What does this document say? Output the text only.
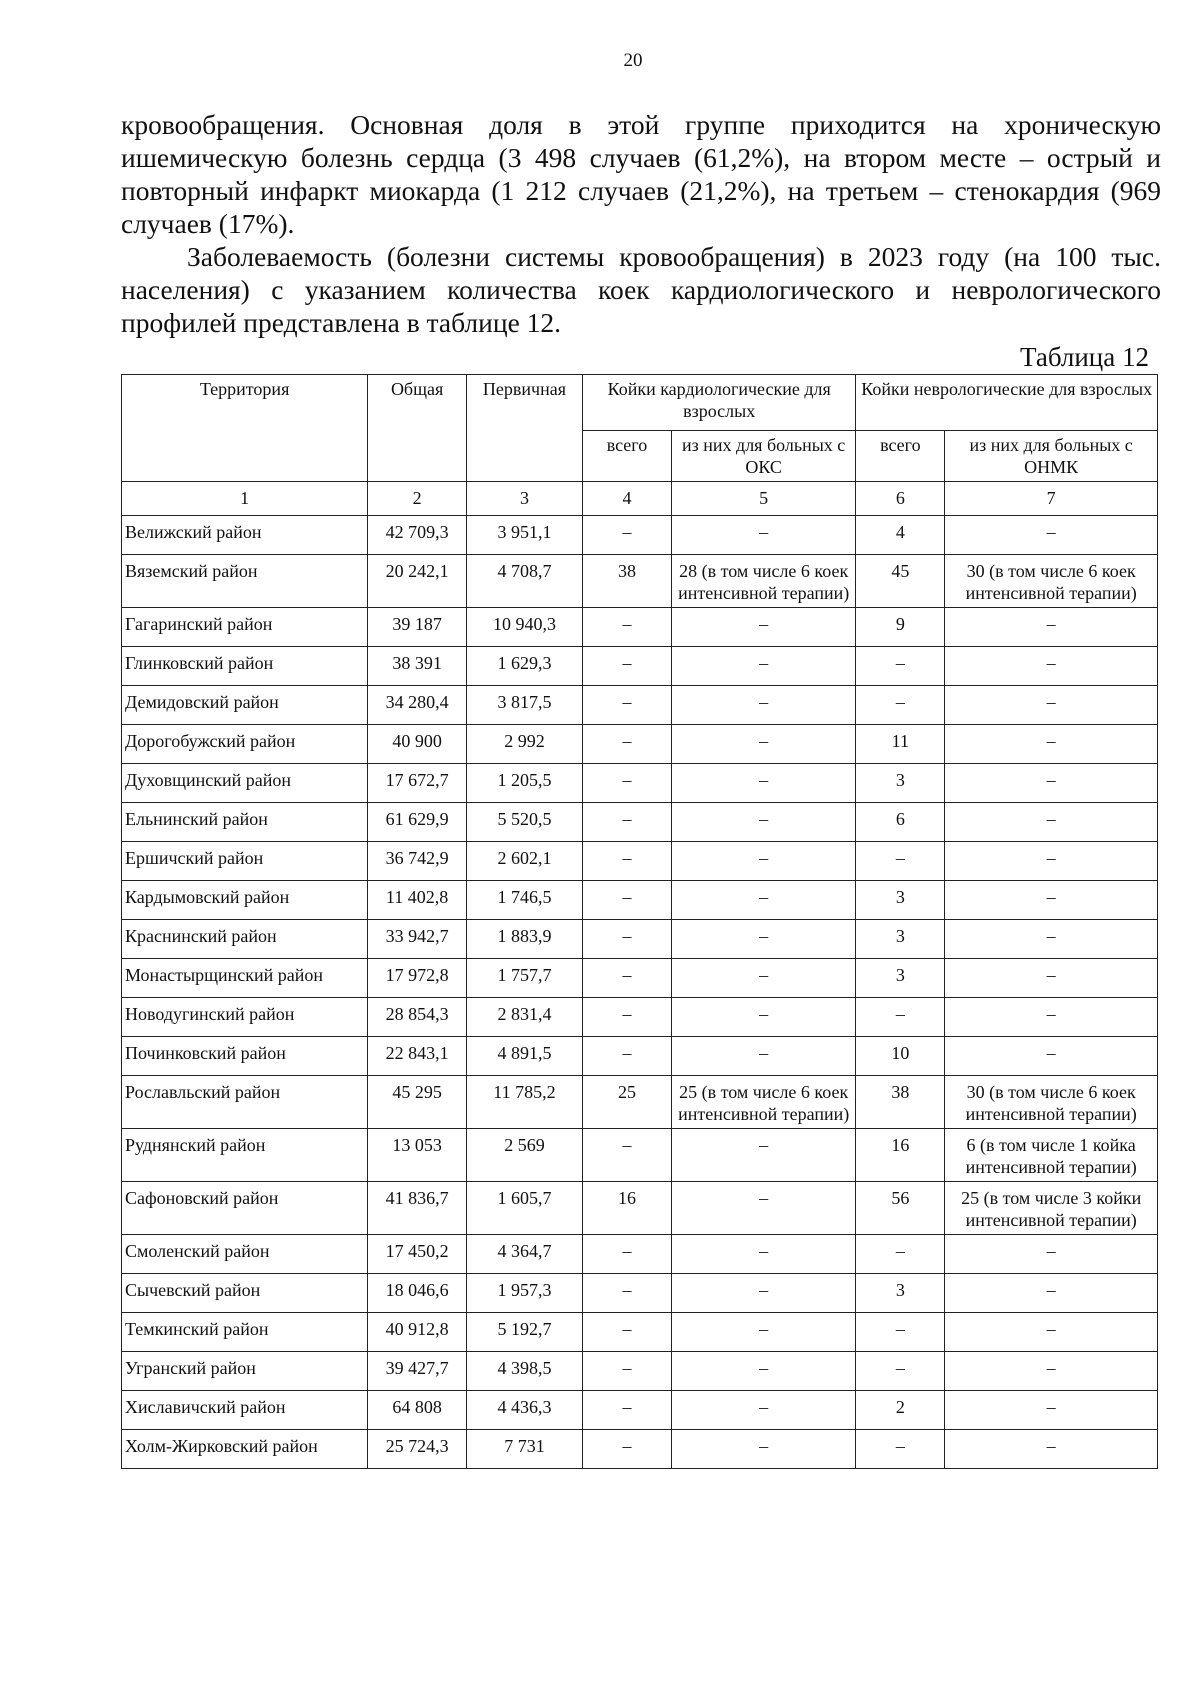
20

кровообращения. Основная доля в этой группе приходится на хроническую ишемическую болезнь сердца (3 498 случаев (61,2%), на втором месте – острый и повторный инфаркт миокарда (1 212 случаев (21,2%), на третьем – стенокардия (969 случаев (17%).

Заболеваемость (болезни системы кровообращения) в 2023 году (на 100 тыс. населения) с указанием количества коек кардиологического и неврологического профилей представлена в таблице 12.

Таблица 12
Территория	Общая	Первичная	Койки кардиологические для взрослых		Койки неврологические для взрослых	
			всего	из них для больных с ОКС	всего	из них для больных с ОНМК
1	2	3	4	5	6	7
Велижский район	42 709,3	3 951,1	–	–	4	–
Вяземский район	20 242,1	4 708,7	38	28 (в том числе 6 коек интенсивной терапии)	45	30 (в том числе 6 коек интенсивной терапии)
Гагаринский район	39 187	10 940,3	–	–	9	–
Глинковский район	38 391	1 629,3	–	–	–	–
Демидовский район	34 280,4	3 817,5	–	–	–	–
Дорогобужский район	40 900	2 992	–	–	11	–
Духовщинский район	17 672,7	1 205,5	–	–	3	–
Ельнинский район	61 629,9	5 520,5	–	–	6	–
Ершичский район	36 742,9	2 602,1	–	–	–	–
Кардымовский район	11 402,8	1 746,5	–	–	3	–
Краснинский район	33 942,7	1 883,9	–	–	3	–
Монастырщинский район	17 972,8	1 757,7	–	–	3	–
Новодугинский район	28 854,3	2 831,4	–	–	–	–
Починковский район	22 843,1	4 891,5	–	–	10	–
Рославльский район	45 295	11 785,2	25	25 (в том числе 6 коек интенсивной терапии)	38	30 (в том числе 6 коек интенсивной терапии)
Руднянский район	13 053	2 569	–	–	16	6 (в том числе 1 койка интенсивной терапии)
Сафоновский район	41 836,7	1 605,7	16	–	56	25 (в том числе 3 койки интенсивной терапии)
Смоленский район	17 450,2	4 364,7	–	–	–	–
Сычевский район	18 046,6	1 957,3	–	–	3	–
Темкинский район	40 912,8	5 192,7	–	–	–	–
Угранский район	39 427,7	4 398,5	–	–	–	–
Хиславичский район	64 808	4 436,3	–	–	2	–
Холм-Жирковский район	25 724,3	7 731	–	–	–	–
